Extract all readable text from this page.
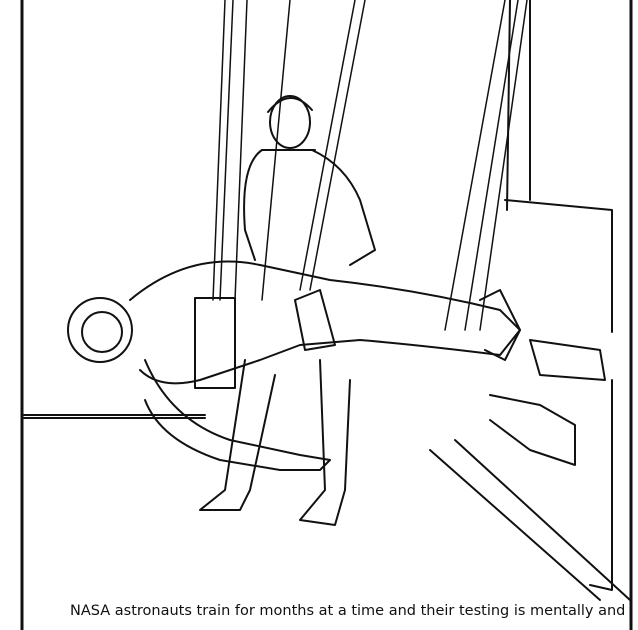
NASA astronauts train for months at a time and their testing is mentally and
